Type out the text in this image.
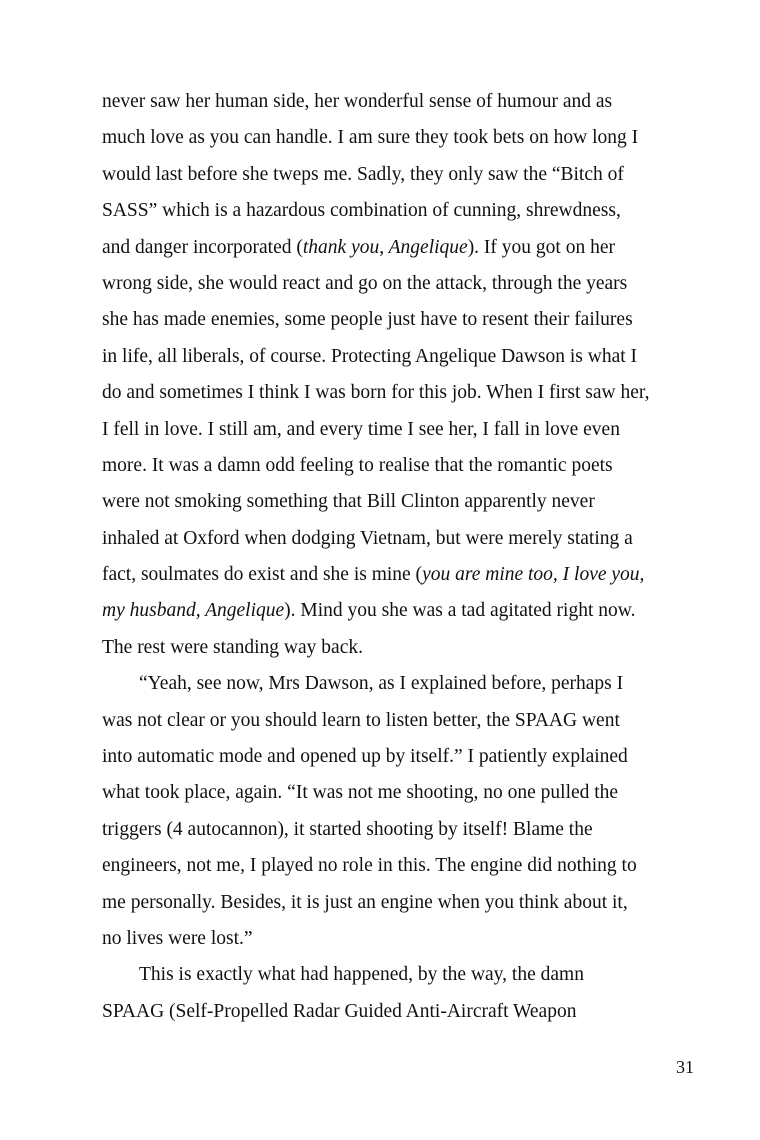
never saw her human side, her wonderful sense of humour and as
much love as you can handle. I am sure they took bets on how long I
would last before she tweps me. Sadly, they only saw the “Bitch of
SASS” which is a hazardous combination of cunning, shrewdness,
and danger incorporated (thank you, Angelique). If you got on her
wrong side, she would react and go on the attack, through the years
she has made enemies, some people just have to resent their failures
in life, all liberals, of course. Protecting Angelique Dawson is what I
do and sometimes I think I was born for this job. When I first saw her,
I fell in love. I still am, and every time I see her, I fall in love even
more. It was a damn odd feeling to realise that the romantic poets
were not smoking something that Bill Clinton apparently never
inhaled at Oxford when dodging Vietnam, but were merely stating a
fact, soulmates do exist and she is mine (you are mine too, I love you,
my husband, Angelique). Mind you she was a tad agitated right now.
The rest were standing way back.
“Yeah, see now, Mrs Dawson, as I explained before, perhaps I
was not clear or you should learn to listen better, the SPAAG went
into automatic mode and opened up by itself.” I patiently explained
what took place, again. “It was not me shooting, no one pulled the
triggers (4 autocannon), it started shooting by itself! Blame the
engineers, not me, I played no role in this. The engine did nothing to
me personally. Besides, it is just an engine when you think about it,
no lives were lost.”
This is exactly what had happened, by the way, the damn
SPAAG (Self-Propelled Radar Guided Anti-Aircraft Weapon
31
